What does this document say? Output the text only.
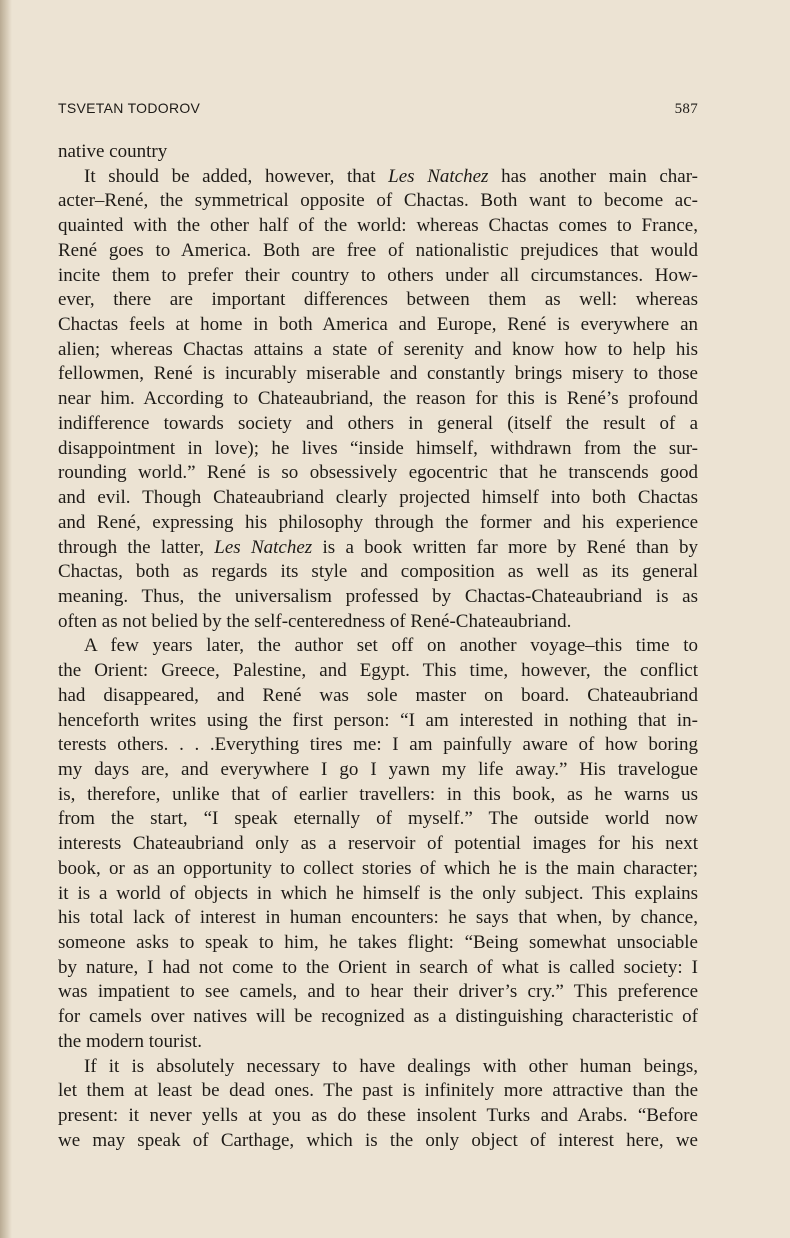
TSVETAN TODOROV	587
native country
It should be added, however, that Les Natchez has another main char-
acter–René, the symmetrical opposite of Chactas. Both want to become ac-
quainted with the other half of the world: whereas Chactas comes to France,
René goes to America. Both are free of nationalistic prejudices that would
incite them to prefer their country to others under all circumstances. How-
ever, there are important differences between them as well: whereas
Chactas feels at home in both America and Europe, René is everywhere an
alien; whereas Chactas attains a state of serenity and know how to help his
fellowmen, René is incurably miserable and constantly brings misery to those
near him. According to Chateaubriand, the reason for this is René’s profound
indifference towards society and others in general (itself the result of a
disappointment in love); he lives “inside himself, withdrawn from the sur-
rounding world.” René is so obsessively egocentric that he transcends good
and evil. Though Chateaubriand clearly projected himself into both Chactas
and René, expressing his philosophy through the former and his experience
through the latter, Les Natchez is a book written far more by René than by
Chactas, both as regards its style and composition as well as its general
meaning. Thus, the universalism professed by Chactas-Chateaubriand is as
often as not belied by the self-centeredness of René-Chateaubriand.
A few years later, the author set off on another voyage–this time to
the Orient: Greece, Palestine, and Egypt. This time, however, the conflict
had disappeared, and René was sole master on board. Chateaubriand
henceforth writes using the first person: “I am interested in nothing that in-
terests others. . . .Everything tires me: I am painfully aware of how boring
my days are, and everywhere I go I yawn my life away.” His travelogue
is, therefore, unlike that of earlier travellers: in this book, as he warns us
from the start, “I speak eternally of myself.” The outside world now
interests Chateaubriand only as a reservoir of potential images for his next
book, or as an opportunity to collect stories of which he is the main character;
it is a world of objects in which he himself is the only subject. This explains
his total lack of interest in human encounters: he says that when, by chance,
someone asks to speak to him, he takes flight: “Being somewhat unsociable
by nature, I had not come to the Orient in search of what is called society: I
was impatient to see camels, and to hear their driver’s cry.” This preference
for camels over natives will be recognized as a distinguishing characteristic of
the modern tourist.
If it is absolutely necessary to have dealings with other human beings,
let them at least be dead ones. The past is infinitely more attractive than the
present: it never yells at you as do these insolent Turks and Arabs. “Before
we may speak of Carthage, which is the only object of interest here, we
